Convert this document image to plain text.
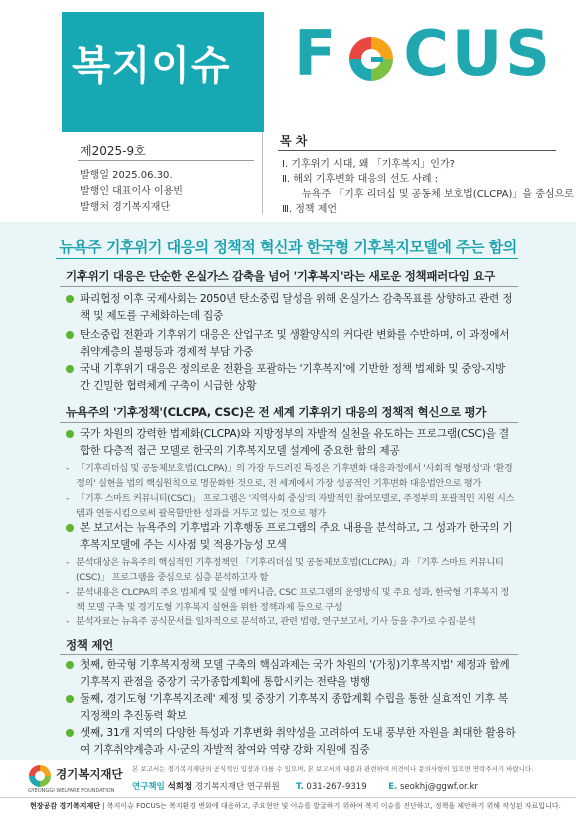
복지이슈	F CUS
제2025-9호
발행일 2025.06.30.
발행인 대표이사 이용빈
발행처 경기복지재단
목 차
Ⅰ. 기후위기 시대, 왜 「기후복지」인가?
Ⅱ. 해외 기후변화 대응의 선도 사례 :
뉴욕주 「기후 리더십 및 공동체 보호법(CLCPA)」을 중심으로
Ⅲ. 정책 제언
뉴욕주 기후위기 대응의 정책적 혁신과 한국형 기후복지모델에 주는 함의
기후위기 대응은 단순한 온실가스 감축을 넘어 '기후복지'라는 새로운 정책패러다임 요구
파리협정 이후 국제사회는 2050년 탄소중립 달성을 위해 온실가스 감축목표를 상향하고 관련 정책 및 제도를 구체화하는데 집중
탄소중립 전환과 기후위기 대응은 산업구조 및 생활양식의 커다란 변화를 수반하며, 이 과정에서 취약계층의 불평등과 경제적 부담 가중
국내 기후위기 대응은 정의로운 전환을 포괄하는 '기후복지'에 기반한 정책 법제화 및 중앙-지방 간 긴밀한 협력체계 구축이 시급한 상황
뉴욕주의 '기후정책'(CLCPA, CSC)은 전 세계 기후위기 대응의 정책적 혁신으로 평가
국가 차원의 강력한 법제화(CLCPA)와 지방정부의 자발적 실천을 유도하는 프로그램(CSC)을 결합한 다층적 접근 모델로 한국의 기후복지모델 설계에 중요한 함의 제공
- 「기후리더십 및 공동체보호법(CLCPA)」의 가장 두드러진 특징은 기후변화 대응과정에서 '사회적 형평성'과 '환경 정의' 실현을 법의 핵심원칙으로 명문화한 것으로, 전 세계에서 가장 성공적인 기후변화 대응법안으로 평가
- 「기후 스마트 커뮤니티(CSC)」 프로그램은 '지역사회 중심'의 자발적인 참여모델로, 주정부의 포괄적인 지원 시스템과 연동시킴으로써 괄목할만한 성과를 거두고 있는 것으로 평가
본 보고서는 뉴욕주의 기후법과 기후행동 프로그램의 주요 내용을 분석하고, 그 성과가 한국의 기후복지모델에 주는 시사점 및 적용가능성 모색
- 분석대상은 뉴욕주의 핵심적인 기후정책인 「기후리더십 및 공동체보호법(CLCPA)」과 「기후 스마트 커뮤니티(CSC)」 프로그램을 중심으로 심층 분석하고자 함
- 분석내용은 CLCPA의 주요 법체계 및 실행 메커니즘, CSC 프로그램의 운영방식 및 주요 성과, 한국형 기후복지 정책 모델 구축 및 경기도형 기후복지 실현을 위한 정책과제 등으로 구성
- 분석자료는 뉴욕주 공식문서를 일차적으로 분석하고, 관련 법령, 연구보고서, 기사 등을 추가로 수집·분석
정책 제언
첫째, 한국형 기후복지정책 모델 구축의 핵심과제는 국가 차원의 '(가칭)기후복지법' 제정과 함께 기후복지 관점을 중장기 국가종합계획에 통합시키는 전략을 병행
둘째, 경기도형 '기후복지조례' 제정 및 중장기 기후복지 종합계획 수립을 통한 실효적인 기후 복지정책의 추진동력 확보
셋째, 31개 지역의 다양한 특성과 기후변화 취약성을 고려하여 도내 풍부한 자원을 최대한 활용하여 기후취약계층과 시·군의 자발적 참여와 역량 강화 지원에 집중
경기복지재단
GYEONGGI WELFARE FOUNDATION
본 보고서는 경기복지재단의 공식적인 입장과 다를 수 있으며, 본 보고서의 내용과 관련하여 의견이나 문의사항이 있으면 연락주시기 바랍니다.
연구책임 석희정 경기복지재단 연구위원 T. 031-267-9319	E. seokhj@ggwf.or.kr
현장공감 경기복지재단 | 복지이슈 FOCUS는 복지환경 변화에 대응하고, 주요현안 및 이슈를 발굴하기 위하여 복지 이슈를 진단하고, 정책을 제안하기 위해 작성된 자료입니다.
